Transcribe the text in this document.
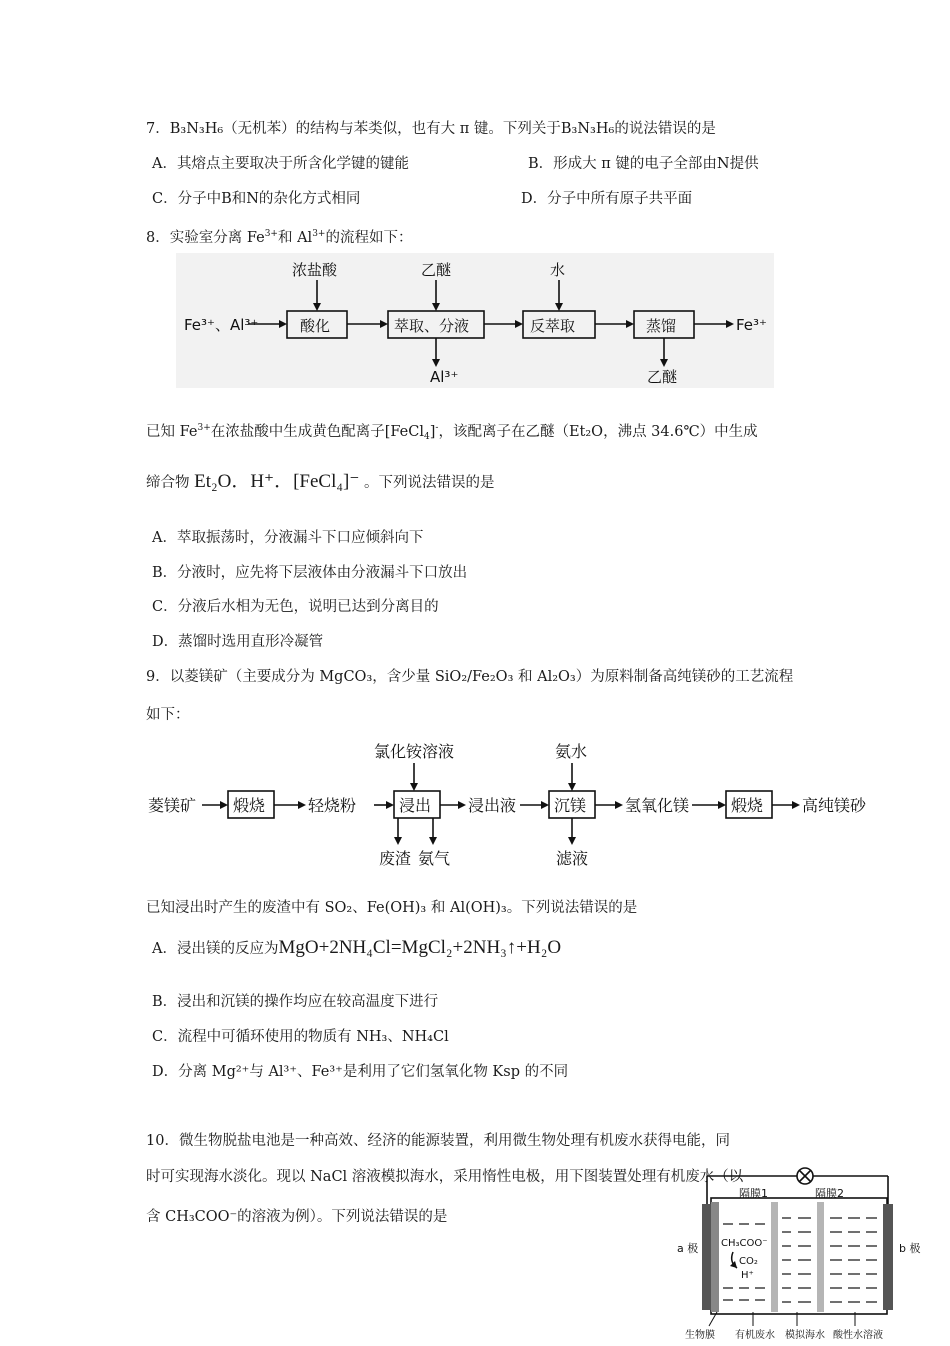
7．B₃N₃H₆（无机苯）的结构与苯类似，也有大 π 键。下列关于B₃N₃H₆的说法错误的是
A．其熔点主要取决于所含化学键的键能	B．形成大 π 键的电子全部由N提供
C．分子中B和N的杂化方式相同	D．分子中所有原子共平面
8．实验室分离 $Fe^{3+}$和 $Al^{3+}$的流程如下：
Fe³⁺、Al³⁺
浓盐酸	乙醚	水
酸化	萃取、分液	反萃取	蒸馏
Al³⁺	乙醚
Fe³⁺
已知 $Fe^{3+}$在浓盐酸中生成黄色配离子[FeCl$_4$]-，该配离子在乙醚（Et₂O，沸点 34.6℃）中生成
缔合物 Et₂O．H⁺．[FeCl₄]⁻ 。下列说法错误的是
A．萃取振荡时，分液漏斗下口应倾斜向下
B．分液时，应先将下层液体由分液漏斗下口放出
C．分液后水相为无色，说明已达到分离目的
D．蒸馏时选用直形冷凝管
9．以菱镁矿（主要成分为 MgCO₃，含少量 SiO₂/Fe₂O₃ 和 Al₂O₃）为原料制备高纯镁砂的工艺流程
如下：
菱镁矿 煅烧	轻烧粉
氯化铵溶液
浸出 浸出液
氨水
沉镁 氢氧化镁	煅烧 高纯镁砂
废渣 氨气	滤液
已知浸出时产生的废渣中有 SO₂、Fe(OH)₃ 和 Al(OH)₃。下列说法错误的是
A．浸出镁的反应为MgO+2NH₄Cl=MgCl₂+2NH₃↑+H₂O
B．浸出和沉镁的操作均应在较高温度下进行
C．流程中可循环使用的物质有 NH₃、NH₄Cl
D．分离 Mg²⁺与 Al³⁺、Fe³⁺是利用了它们氢氧化物 Ksp 的不同
10．微生物脱盐电池是一种高效、经济的能源装置，利用微生物处理有机废水获得电能，同
时可实现海水淡化。现以 NaCl 溶液模拟海水，采用惰性电极，用下图装置处理有机废水（以
含 CH₃COO⁻的溶液为例）。下列说法错误的是
隔膜1	隔膜2
a 极	b 极
CH₃COO⁻
CO₂
H⁺
生物膜 有机废水 模拟海水 酸性水溶液
